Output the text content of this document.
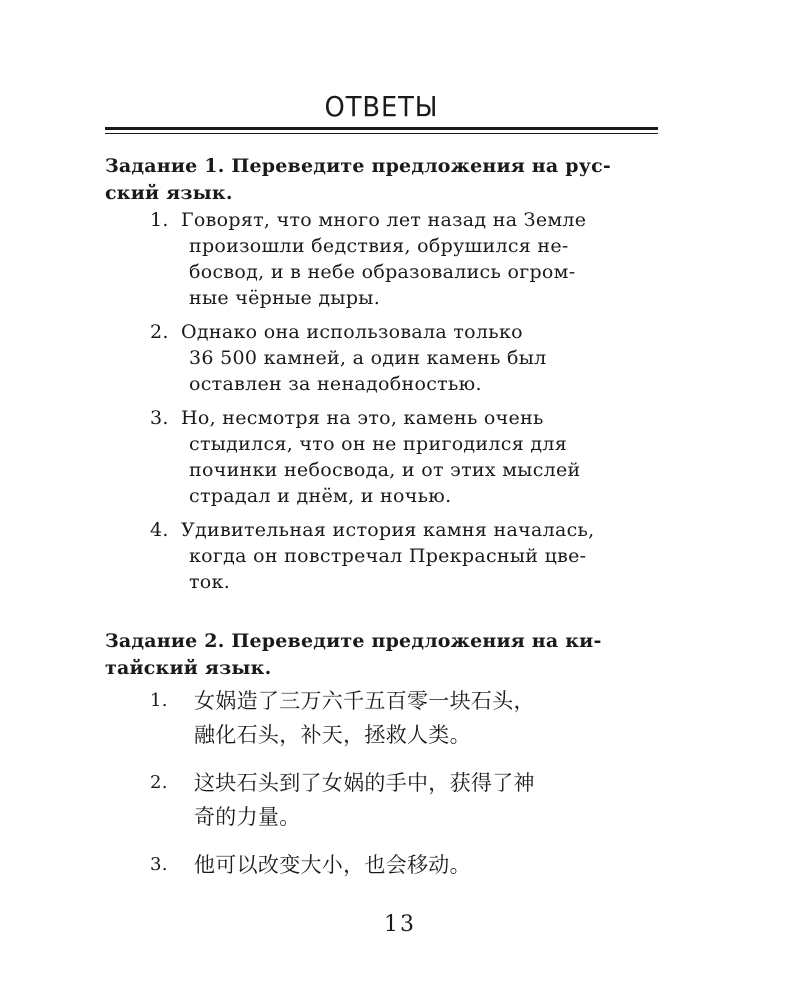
ОТВЕТЫ
Задание 1. Переведите предложения на рус-
ский язык.
1. Говорят, что много лет назад на Земле
произошли бедствия, обрушился не-
босвод, и в небе образовались огром-
ные чёрные дыры.
2. Однако она использовала только
36 500 камней, а один камень был
оставлен за ненадобностью.
3. Но, несмотря на это, камень очень
стыдился, что он не пригодился для
починки небосвода, и от этих мыслей
страдал и днём, и ночью.
4. Удивительная история камня началась,
когда он повстречал Прекрасный цве-
ток.
Задание 2. Переведите предложения на ки-
тайский язык.
1. 女娲造了三万六千五百零一块石头，
融化石头，补天，拯救人类。
2. 这块石头到了女娲的手中，获得了神
奇的力量。
3. 他可以改变大小，也会移动。
13
